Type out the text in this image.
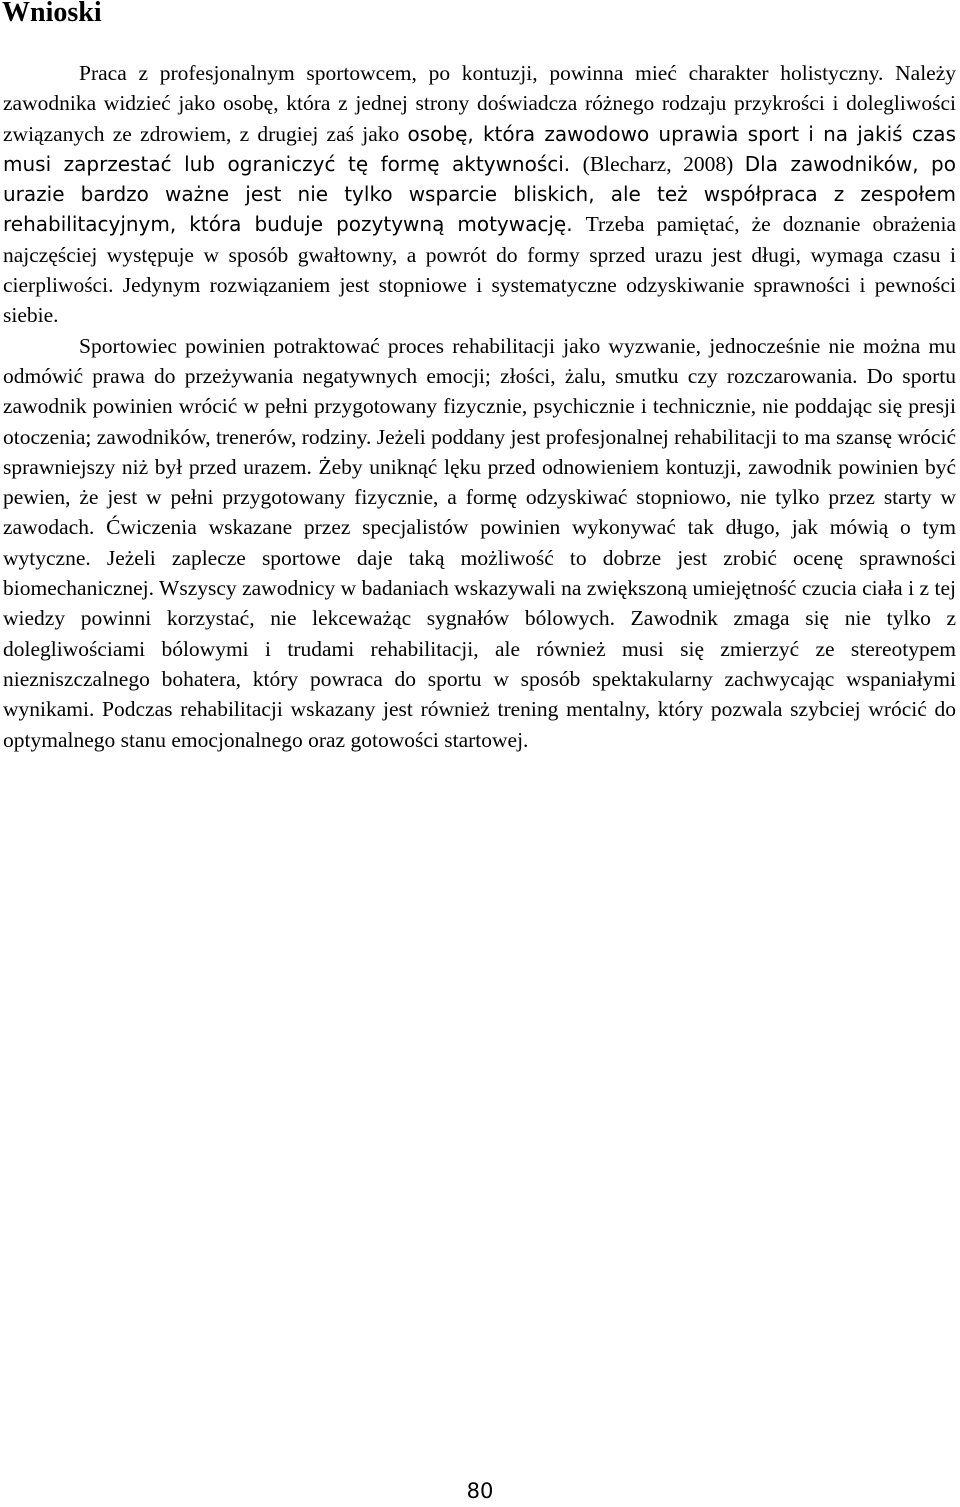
Wnioski

Praca z profesjonalnym sportowcem, po kontuzji, powinna mieć charakter holistyczny. Należy zawodnika widzieć jako osobę, która z jednej strony doświadcza różnego rodzaju przykrości i dolegliwości związanych ze zdrowiem, z drugiej zaś jako osobę, która zawodowo uprawia sport i na jakiś czas musi zaprzestać lub ograniczyć tę formę aktywności. (Blecharz, 2008) Dla zawodników, po urazie bardzo ważne jest nie tylko wsparcie bliskich, ale też współpraca z zespołem rehabilitacyjnym, która buduje pozytywną motywację. Trzeba pamiętać, że doznanie obrażenia najczęściej występuje w sposób gwałtowny, a powrót do formy sprzed urazu jest długi, wymaga czasu i cierpliwości. Jedynym rozwiązaniem jest stopniowe i systematyczne odzyskiwanie sprawności i pewności siebie.

Sportowiec powinien potraktować proces rehabilitacji jako wyzwanie, jednocześnie nie można mu odmówić prawa do przeżywania negatywnych emocji; złości, żalu, smutku czy rozczarowania. Do sportu zawodnik powinien wrócić w pełni przygotowany fizycznie, psychicznie i technicznie, nie poddając się presji otoczenia; zawodników, trenerów, rodziny. Jeżeli poddany jest profesjonalnej rehabilitacji to ma szansę wrócić sprawniejszy niż był przed urazem. Żeby uniknąć lęku przed odnowieniem kontuzji, zawodnik powinien być pewien, że jest w pełni przygotowany fizycznie, a formę odzyskiwać stopniowo, nie tylko przez starty w zawodach. Ćwiczenia wskazane przez specjalistów powinien wykonywać tak długo, jak mówią o tym wytyczne. Jeżeli zaplecze sportowe daje taką możliwość to dobrze jest zrobić ocenę sprawności biomechanicznej. Wszyscy zawodnicy w badaniach wskazywali na zwiększoną umiejętność czucia ciała i z tej wiedzy powinni korzystać, nie lekceważąc sygnałów bólowych. Zawodnik zmaga się nie tylko z dolegliwościami bólowymi i trudami rehabilitacji, ale również musi się zmierzyć ze stereotypem niezniszczalnego bohatera, który powraca do sportu w sposób spektakularny zachwycając wspaniałymi wynikami. Podczas rehabilitacji wskazany jest również trening mentalny, który pozwala szybciej wrócić do optymalnego stanu emocjonalnego oraz gotowości startowej.

80
